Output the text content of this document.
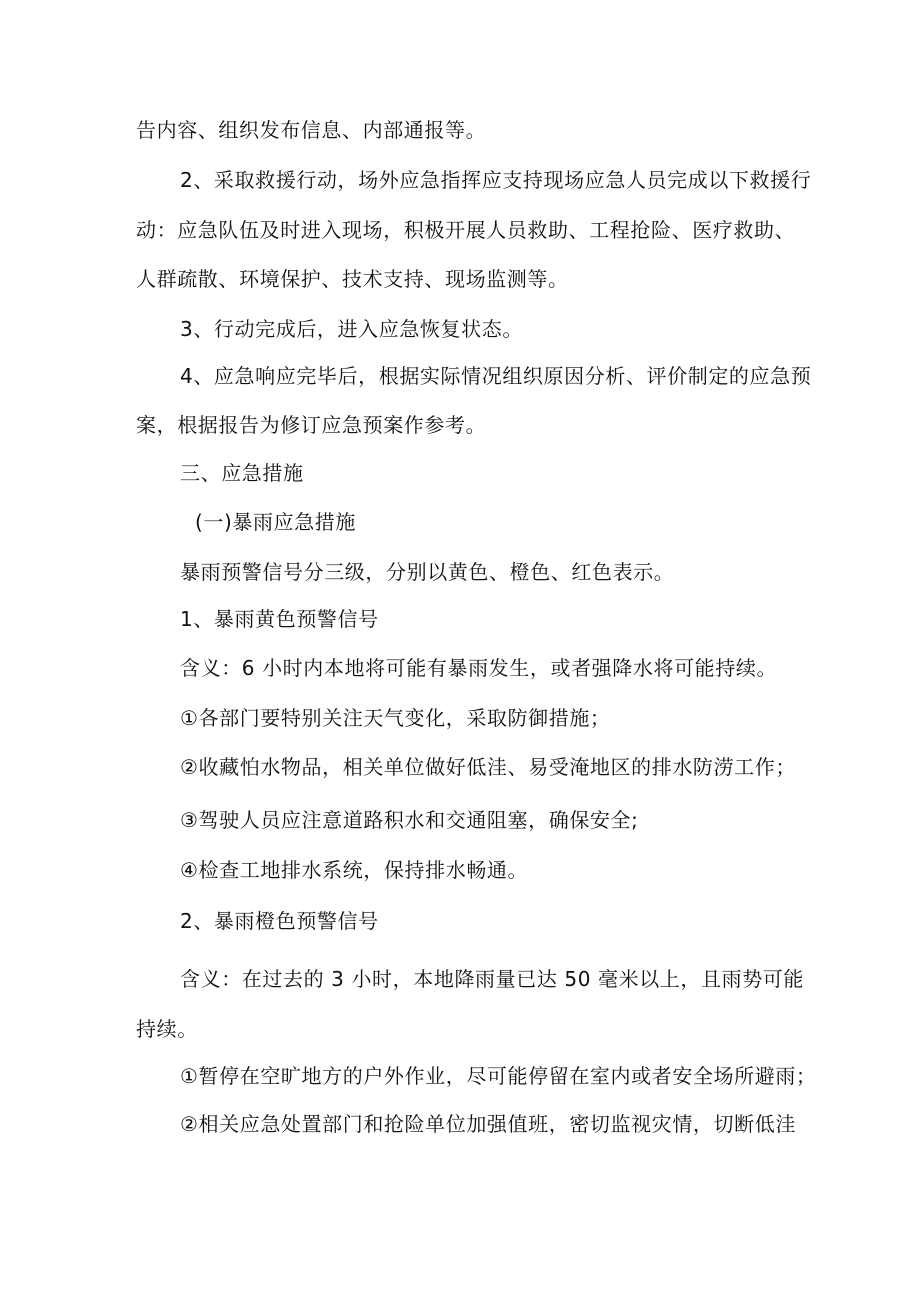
告内容、组织发布信息、内部通报等。
2、采取救援行动，场外应急指挥应支持现场应急人员完成以下救援行
动：应急队伍及时进入现场，积极开展人员救助、工程抢险、医疗救助、
人群疏散、环境保护、技术支持、现场监测等。
3、行动完成后，进入应急恢复状态。
4、应急响应完毕后，根据实际情况组织原因分析、评价制定的应急预
案，根据报告为修订应急预案作参考。
三、应急措施
(一)暴雨应急措施
暴雨预警信号分三级，分别以黄色、橙色、红色表示。
1、暴雨黄色预警信号
含义：6 小时内本地将可能有暴雨发生，或者强降水将可能持续。
①各部门要特别关注天气变化，采取防御措施；
②收藏怕水物品，相关单位做好低洼、易受淹地区的排水防涝工作；
③驾驶人员应注意道路积水和交通阻塞，确保安全;
④检查工地排水系统，保持排水畅通。
2、暴雨橙色预警信号
含义：在过去的 3 小时，本地降雨量已达 50 毫米以上，且雨势可能
持续。
①暂停在空旷地方的户外作业，尽可能停留在室内或者安全场所避雨；
②相关应急处置部门和抢险单位加强值班，密切监视灾情，切断低洼
